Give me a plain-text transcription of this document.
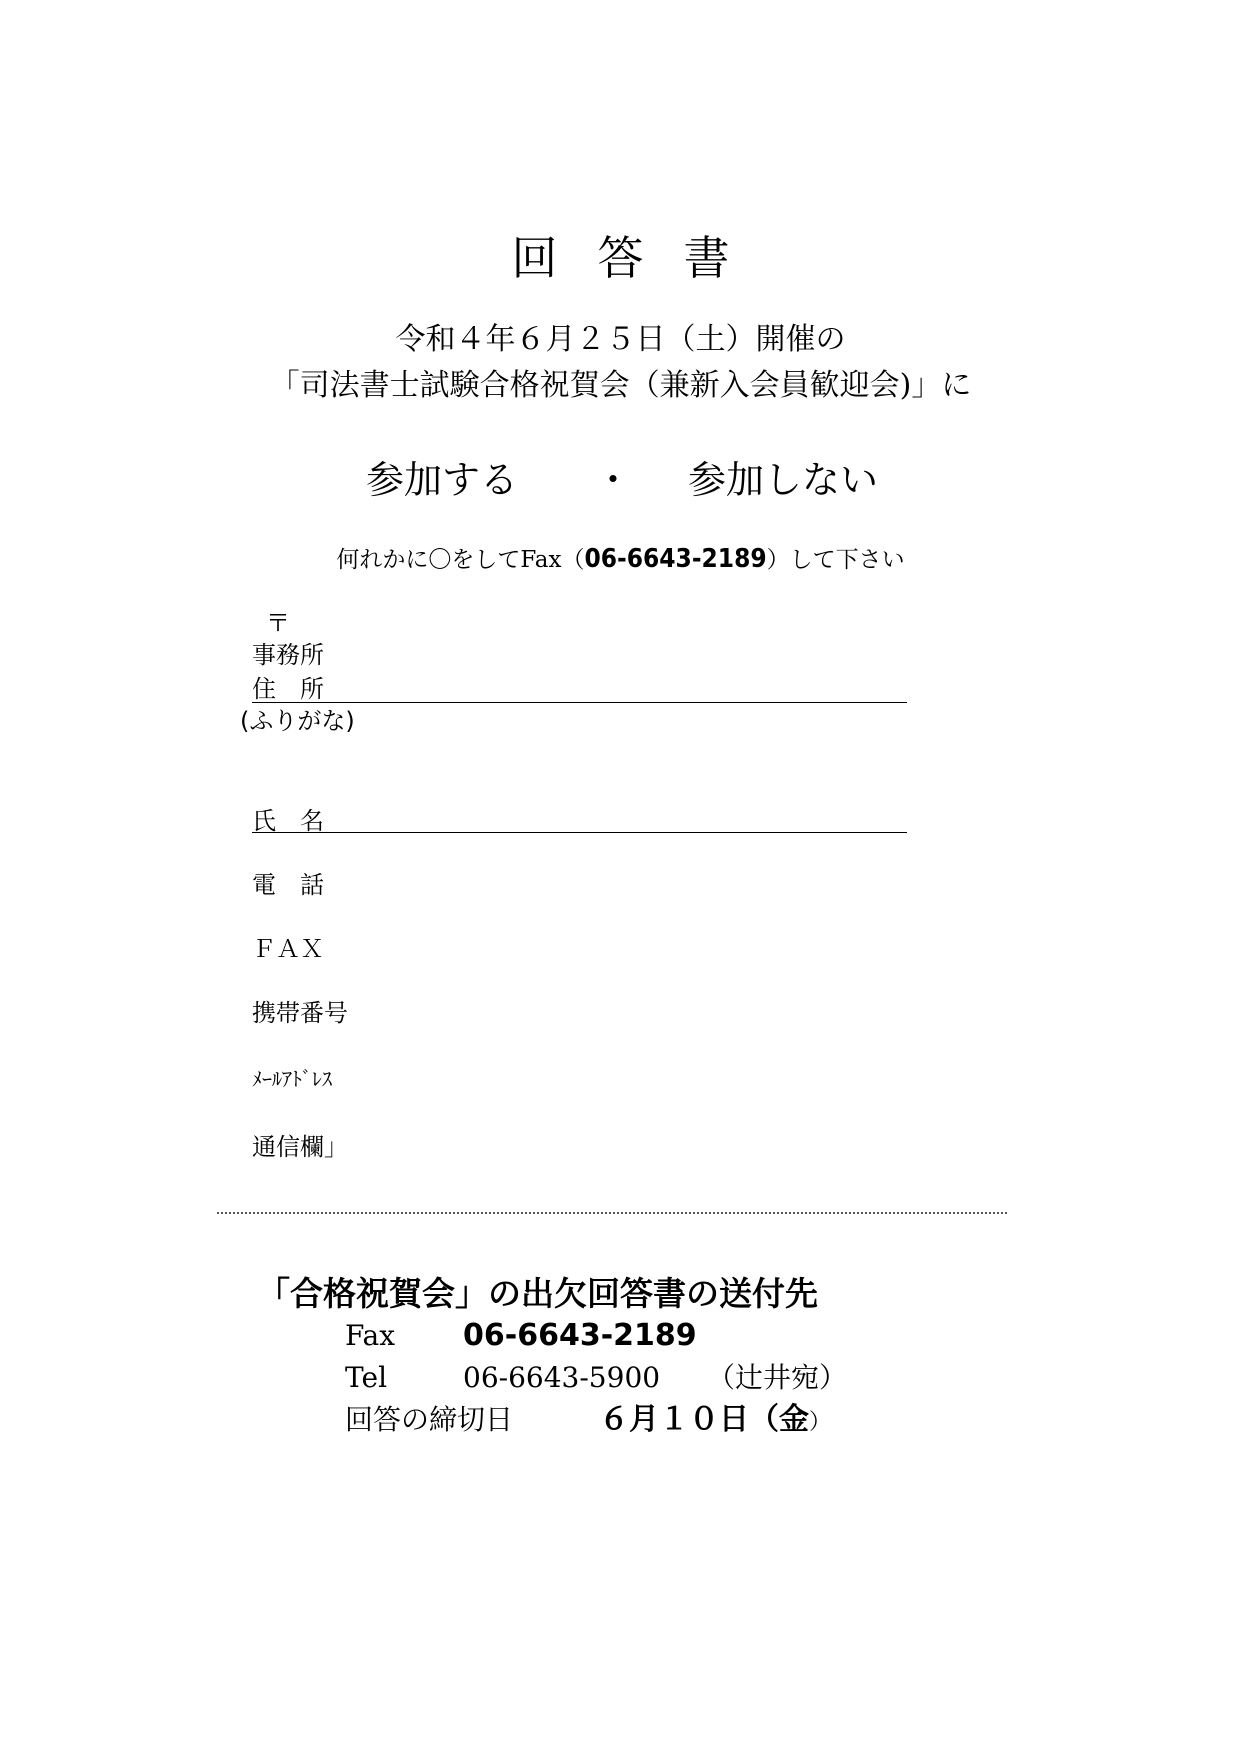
回答書
令和４年６月２５日（土）開催の
「司法書士試験合格祝賀会（兼新入会員歓迎会)」に
参加する ・ 参加しない
何れかに〇をしてFax（06-6643-2189）して下さい
〒
事務所
住　所
(ふりがな)
氏　名
電　話
ＦＡＸ
携帯番号
ﾒｰﾙｱﾄﾞﾚｽ
通信欄」
「合格祝賀会」の出欠回答書の送付先
Fax 06-6643-2189
Tel	06-6643-5900 （辻井宛）
回答の締切日	６月１０日（金）
